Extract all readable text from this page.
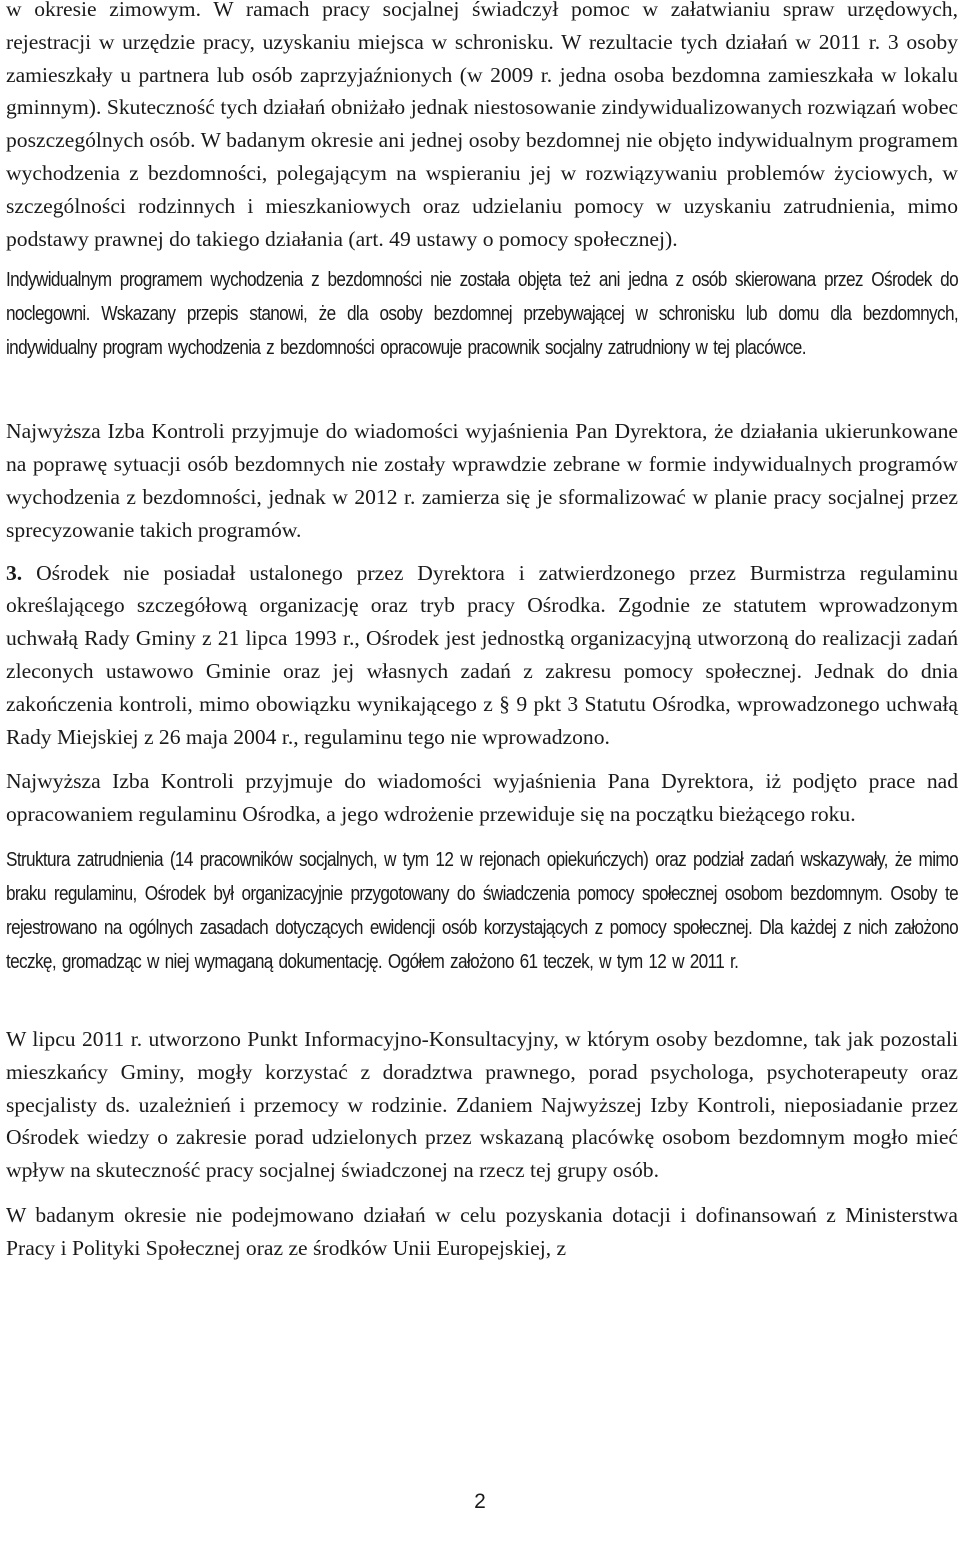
w okresie zimowym. W ramach pracy socjalnej świadczył pomoc w załatwianiu spraw urzędowych, rejestracji w urzędzie pracy, uzyskaniu miejsca w schronisku. W rezultacie tych działań w 2011 r. 3 osoby zamieszkały u partnera lub osób zaprzyjaźnionych (w 2009 r. jedna osoba bezdomna zamieszkała w lokalu gminnym). Skuteczność tych działań obniżało jednak niestosowanie zindywidualizowanych rozwiązań wobec poszczególnych osób. W badanym okresie ani jednej osoby bezdomnej nie objęto indywidualnym programem wychodzenia z bezdomności, polegającym na wspieraniu jej w rozwiązywaniu problemów życiowych, w szczególności rodzinnych i mieszkaniowych oraz udzielaniu pomocy w uzyskaniu zatrudnienia, mimo podstawy prawnej do takiego działania (art. 49 ustawy o pomocy społecznej).

Indywidualnym programem wychodzenia z bezdomności nie została objęta też ani jedna z osób skierowana przez Ośrodek do noclegowni. Wskazany przepis stanowi, że dla osoby bezdomnej przebywającej w schronisku lub domu dla bezdomnych, indywidualny program wychodzenia z bezdomności opracowuje pracownik socjalny zatrudniony w tej placówce.

Najwyższa Izba Kontroli przyjmuje do wiadomości wyjaśnienia Pan Dyrektora, że działania ukierunkowane na poprawę sytuacji osób bezdomnych nie zostały wprawdzie zebrane w formie indywidualnych programów wychodzenia z bezdomności, jednak w 2012 r. zamierza się je sformalizować w planie pracy socjalnej przez sprecyzowanie takich programów.

3. Ośrodek nie posiadał ustalonego przez Dyrektora i zatwierdzonego przez Burmistrza regulaminu określającego szczegółową organizację oraz tryb pracy Ośrodka. Zgodnie ze statutem wprowadzonym uchwałą Rady Gminy z 21 lipca 1993 r., Ośrodek jest jednostką organizacyjną utworzoną do realizacji zadań zleconych ustawowo Gminie oraz jej własnych zadań z zakresu pomocy społecznej. Jednak do dnia zakończenia kontroli, mimo obowiązku wynikającego z § 9 pkt 3 Statutu Ośrodka, wprowadzonego uchwałą Rady Miejskiej z 26 maja 2004 r., regulaminu tego nie wprowadzono.

Najwyższa Izba Kontroli przyjmuje do wiadomości wyjaśnienia Pana Dyrektora, iż podjęto prace nad opracowaniem regulaminu Ośrodka, a jego wdrożenie przewiduje się na początku bieżącego roku.

Struktura zatrudnienia (14 pracowników socjalnych, w tym 12 w rejonach opiekuńczych) oraz podział zadań wskazywały, że mimo braku regulaminu, Ośrodek był organizacyjnie przygotowany do świadczenia pomocy społecznej osobom bezdomnym. Osoby te rejestrowano na ogólnych zasadach dotyczących ewidencji osób korzystających z pomocy społecznej. Dla każdej z nich założono teczkę, gromadząc w niej wymaganą dokumentację. Ogółem założono 61 teczek, w tym 12 w 2011 r.

W lipcu 2011 r. utworzono Punkt Informacyjno-Konsultacyjny, w którym osoby bezdomne, tak jak pozostali mieszkańcy Gminy, mogły korzystać z doradztwa prawnego, porad psychologa, psychoterapeuty oraz specjalisty ds. uzależnień i przemocy w rodzinie. Zdaniem Najwyższej Izby Kontroli, nieposiadanie przez Ośrodek wiedzy o zakresie porad udzielonych przez wskazaną placówkę osobom bezdomnym mogło mieć wpływ na skuteczność pracy socjalnej świadczonej na rzecz tej grupy osób.

W badanym okresie nie podejmowano działań w celu pozyskania dotacji i dofinansowań z Ministerstwa Pracy i Polityki Społecznej oraz ze środków Unii Europejskiej, z

2
